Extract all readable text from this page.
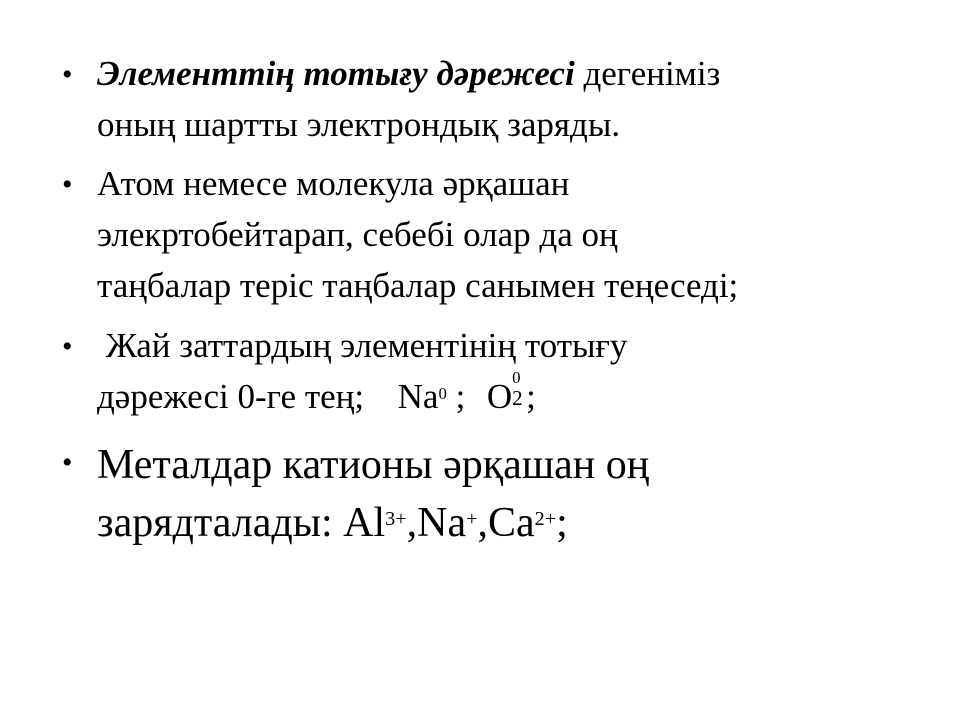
• Элементтің тотығу дәрежесі дегеніміз
оның шартты электрондық заряды.
• Атом немесе молекула әрқашан
элекртобейтарап, себебі олар да оң
таңбалар теріс таңбалар санымен теңеседі;
• Жай заттардың элементінің тотығу
дәрежесі 0-ге тең; Na$^0$ ; O 0
2 ;
• Металдар катионы әрқашан оң
зарядталады: $Al^{3+},Na^+,Ca^{2+}$;
